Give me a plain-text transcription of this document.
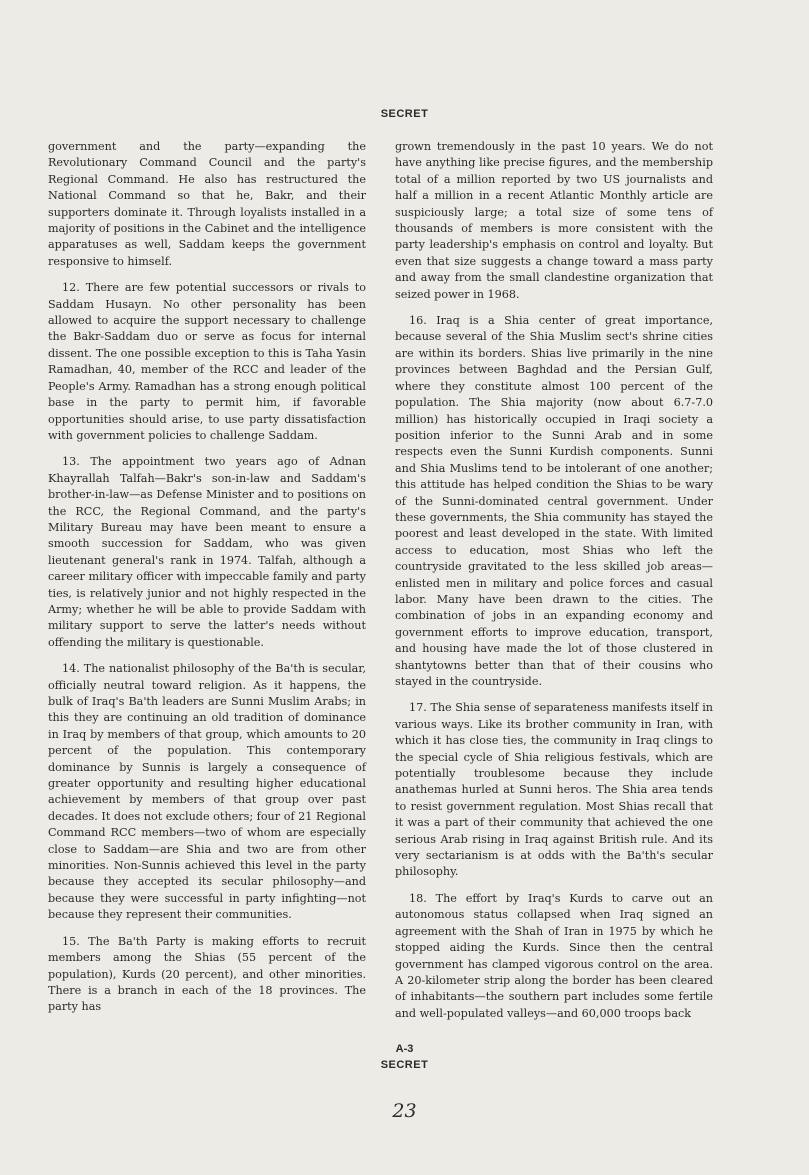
SECRET

government and the party—expanding the Revolutionary Command Council and the party's Regional Command. He also has restructured the National Command so that he, Bakr, and their supporters dominate it. Through loyalists installed in a majority of positions in the Cabinet and the intelligence apparatuses as well, Saddam keeps the government responsive to himself.

12. There are few potential successors or rivals to Saddam Husayn. No other personality has been allowed to acquire the support necessary to challenge the Bakr-Saddam duo or serve as focus for internal dissent. The one possible exception to this is Taha Yasin Ramadhan, 40, member of the RCC and leader of the People's Army. Ramadhan has a strong enough political base in the party to permit him, if favorable opportunities should arise, to use party dissatisfaction with government policies to challenge Saddam.

13. The appointment two years ago of Adnan Khayrallah Talfah—Bakr's son-in-law and Saddam's brother-in-law—as Defense Minister and to positions on the RCC, the Regional Command, and the party's Military Bureau may have been meant to ensure a smooth succession for Saddam, who was given lieutenant general's rank in 1974. Talfah, although a career military officer with impeccable family and party ties, is relatively junior and not highly respected in the Army; whether he will be able to provide Saddam with military support to serve the latter's needs without offending the military is questionable.

14. The nationalist philosophy of the Ba'th is secular, officially neutral toward religion. As it happens, the bulk of Iraq's Ba'th leaders are Sunni Muslim Arabs; in this they are continuing an old tradition of dominance in Iraq by members of that group, which amounts to 20 percent of the population. This contemporary dominance by Sunnis is largely a consequence of greater opportunity and resulting higher educational achievement by members of that group over past decades. It does not exclude others; four of 21 Regional Command RCC members—two of whom are especially close to Saddam—are Shia and two are from other minorities. Non-Sunnis achieved this level in the party because they accepted its secular philosophy—and because they were successful in party infighting—not because they represent their communities.

15. The Ba'th Party is making efforts to recruit members among the Shias (55 percent of the population), Kurds (20 percent), and other minorities. There is a branch in each of the 18 provinces. The party has

grown tremendously in the past 10 years. We do not have anything like precise figures, and the membership total of a million reported by two US journalists and half a million in a recent Atlantic Monthly article are suspiciously large; a total size of some tens of thousands of members is more consistent with the party leadership's emphasis on control and loyalty. But even that size suggests a change toward a mass party and away from the small clandestine organization that seized power in 1968.

16. Iraq is a Shia center of great importance, because several of the Shia Muslim sect's shrine cities are within its borders. Shias live primarily in the nine provinces between Baghdad and the Persian Gulf, where they constitute almost 100 percent of the population. The Shia majority (now about 6.7-7.0 million) has historically occupied in Iraqi society a position inferior to the Sunni Arab and in some respects even the Sunni Kurdish components. Sunni and Shia Muslims tend to be intolerant of one another; this attitude has helped condition the Shias to be wary of the Sunni-dominated central government. Under these governments, the Shia community has stayed the poorest and least developed in the state. With limited access to education, most Shias who left the countryside gravitated to the less skilled job areas—enlisted men in military and police forces and casual labor. Many have been drawn to the cities. The combination of jobs in an expanding economy and government efforts to improve education, transport, and housing have made the lot of those clustered in shantytowns better than that of their cousins who stayed in the countryside.

17. The Shia sense of separateness manifests itself in various ways. Like its brother community in Iran, with which it has close ties, the community in Iraq clings to the special cycle of Shia religious festivals, which are potentially troublesome because they include anathemas hurled at Sunni heros. The Shia area tends to resist government regulation. Most Shias recall that it was a part of their community that achieved the one serious Arab rising in Iraq against British rule. And its very sectarianism is at odds with the Ba'th's secular philosophy.

18. The effort by Iraq's Kurds to carve out an autonomous status collapsed when Iraq signed an agreement with the Shah of Iran in 1975 by which he stopped aiding the Kurds. Since then the central government has clamped vigorous control on the area. A 20-kilometer strip along the border has been cleared of inhabitants—the southern part includes some fertile and well-populated valleys—and 60,000 troops back

A-3
SECRET
23
